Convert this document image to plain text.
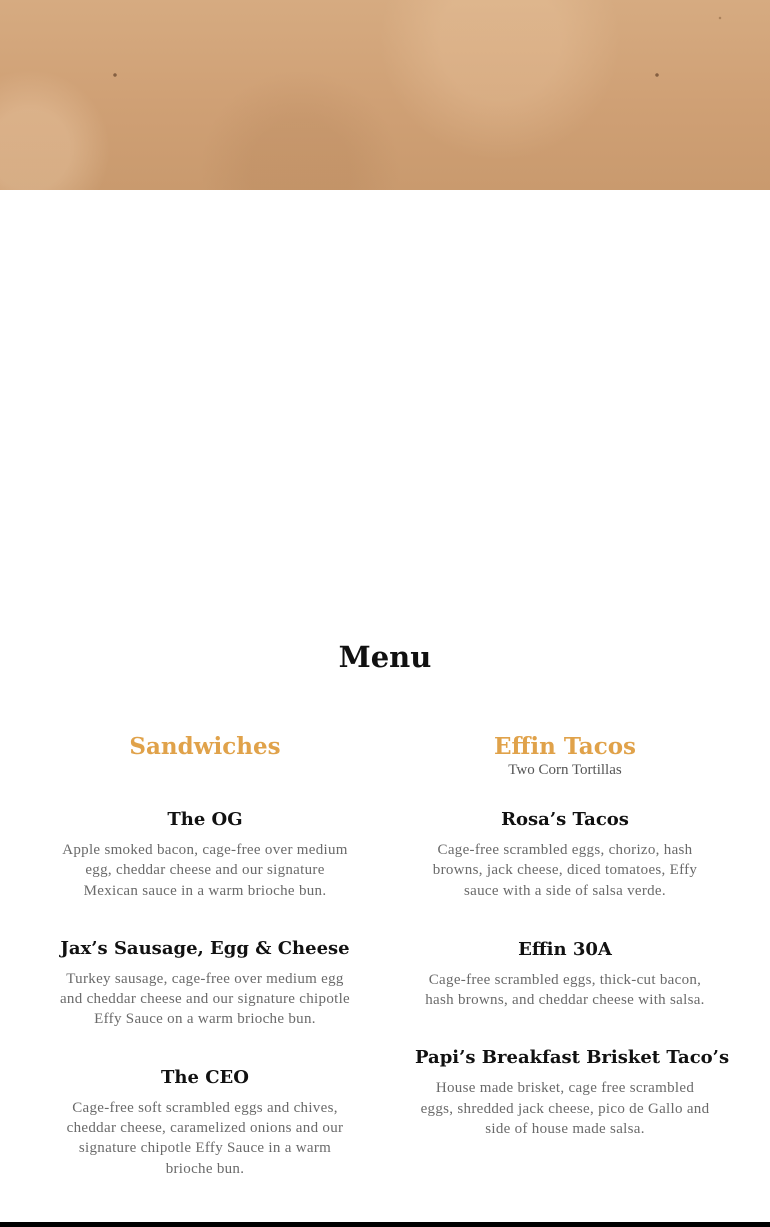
Menu
Sandwiches
The OG
Apple smoked bacon, cage-free over medium egg, cheddar cheese and our signature Mexican sauce in a warm brioche bun.
Jax’s Sausage, Egg & Cheese
Turkey sausage, cage-free over medium egg and cheddar cheese and our signature chipotle Effy Sauce on a warm brioche bun.
The CEO
Cage-free soft scrambled eggs and chives, cheddar cheese, caramelized onions and our signature chipotle Effy Sauce in a warm brioche bun.
Effin Tacos
Two Corn Tortillas
Rosa’s Tacos
Cage-free scrambled eggs, chorizo, hash browns, jack cheese, diced tomatoes, Effy sauce with a side of salsa verde.
Effin 30A
Cage-free scrambled eggs, thick-cut bacon, hash browns, and cheddar cheese with salsa.
Papi’s Breakfast Brisket Taco’s
House made brisket, cage free scrambled eggs, shredded jack cheese, pico de Gallo and side of house made salsa.
